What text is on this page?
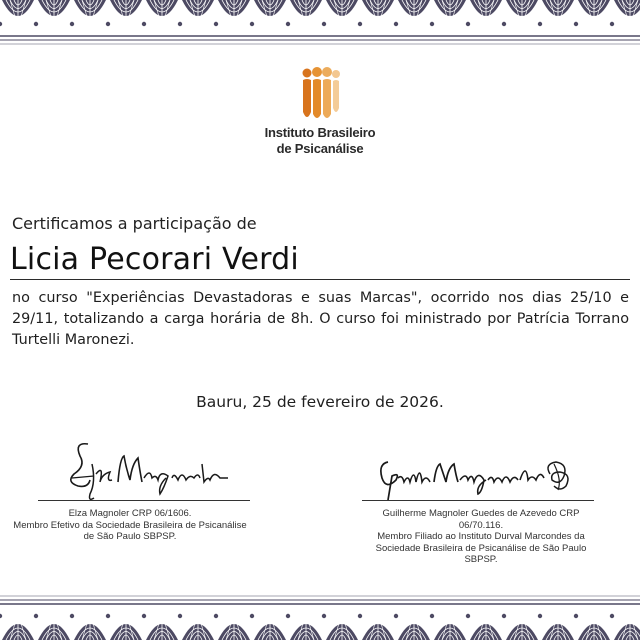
Instituto Brasileiro
de Psicanálise
Certificamos a participação de
Licia Pecorari Verdi
no curso "Experiências Devastadoras e suas Marcas", ocorrido nos dias 25/10 e 29/11, totalizando a carga horária de 8h. O curso foi ministrado por Patrícia Torrano Turtelli Maronezi.
Bauru, 25 de fevereiro de 2026.
Elza Magnoler CRP 06/1606.
Membro Efetivo da Sociedade Brasileira de Psicanálise
de São Paulo SBPSP.
Guilherme Magnoler Guedes de Azevedo CRP 06/70.116.
Membro Filiado ao Instituto Durval Marcondes da
Sociedade Brasileira de Psicanálise de São Paulo SBPSP.
